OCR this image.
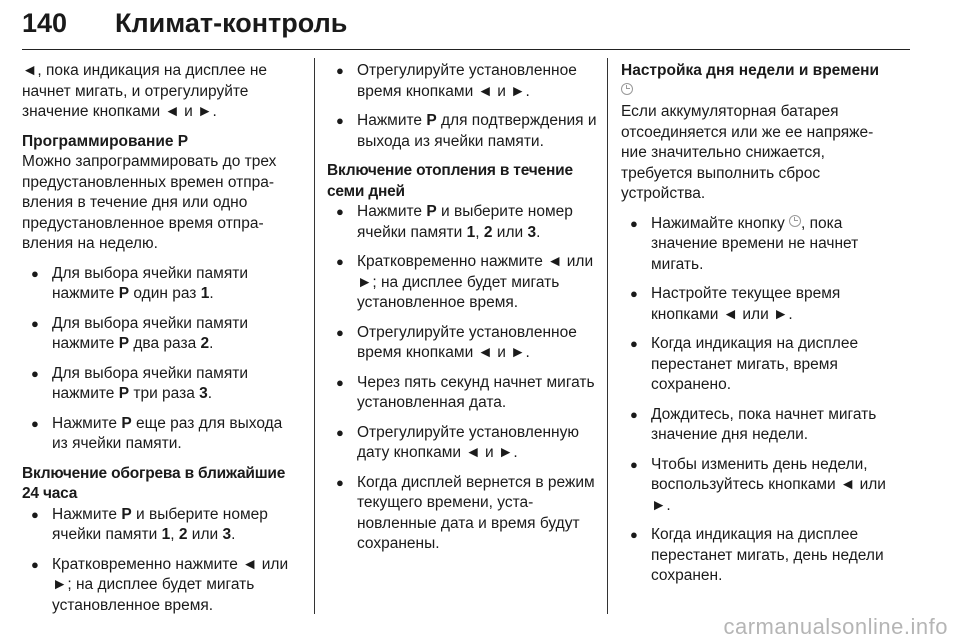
140 Климат-контроль

◄, пока индикация на дисплее не начнет мигать, и отрегулируйте значение кнопками ◄ и ►.

Программирование P

Можно запрограммировать до трех предустановленных времен отправления в течение дня или одно предустановленное время отправления на неделю.

● Для выбора ячейки памяти нажмите P один раз 1.
● Для выбора ячейки памяти нажмите P два раза 2.
● Для выбора ячейки памяти нажмите P три раза 3.
● Нажмите P еще раз для выхода из ячейки памяти.

Включение обогрева в ближайшие 24 часа

● Нажмите P и выберите номер ячейки памяти 1, 2 или 3.
● Кратковременно нажмите ◄ или ►; на дисплее будет мигать установленное время.
● Отрегулируйте установленное время кнопками ◄ и ►.
● Нажмите P для подтверждения и выхода из ячейки памяти.

Включение отопления в течение семи дней

● Нажмите P и выберите номер ячейки памяти 1, 2 или 3.
● Кратковременно нажмите ◄ или ►; на дисплее будет мигать установленное время.
● Отрегулируйте установленное время кнопками ◄ и ►.
● Через пять секунд начнет мигать установленная дата.
● Отрегулируйте установленную дату кнопками ◄ и ►.
● Когда дисплей вернется в режим текущего времени, установленные дата и время будут сохранены.

Настройка дня недели и времени

Если аккумуляторная батарея отсоединяется или же ее напряжение значительно снижается, требуется выполнить сброс устройства.

● Нажимайте кнопку , пока значение времени не начнет мигать.
● Настройте текущее время кнопками ◄ или ►.
● Когда индикация на дисплее перестанет мигать, время сохранено.
● Дождитесь, пока начнет мигать значение дня недели.
● Чтобы изменить день недели, воспользуйтесь кнопками ◄ или ►.
● Когда индикация на дисплее перестанет мигать, день недели сохранен.
carmanualsonline.info
